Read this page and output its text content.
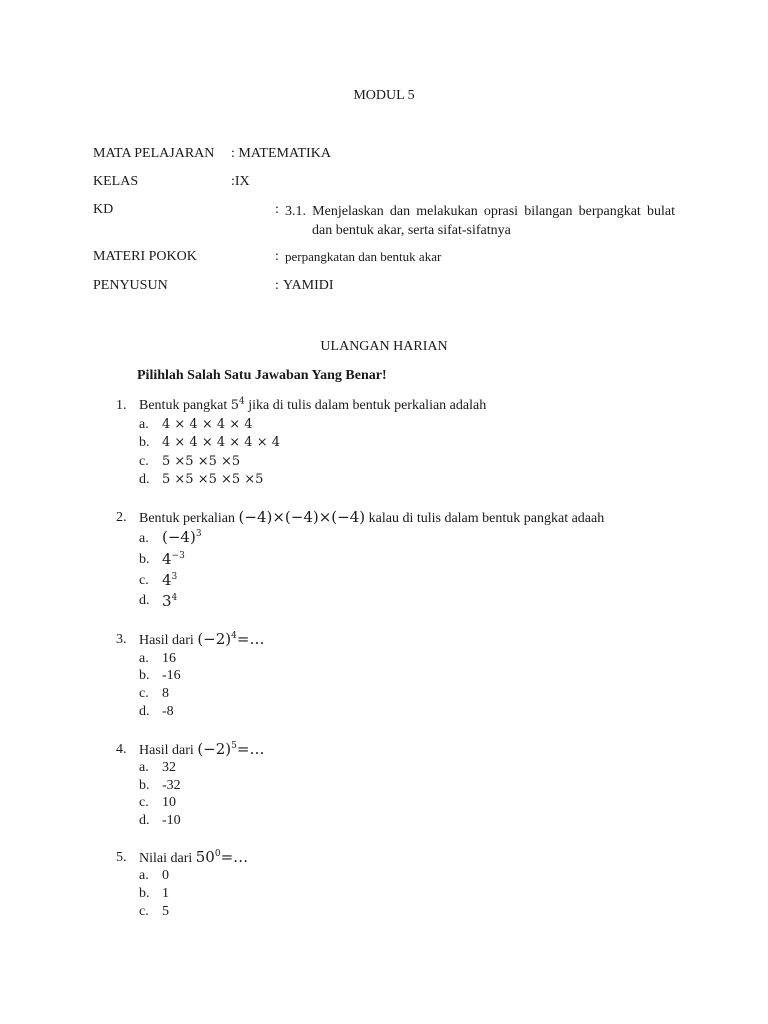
MODUL 5
MATA PELAJARAN : MATEMATIKA
KELAS	:IX
KD	: 3.1. Menjelaskan dan melakukan oprasi bilangan berpangkat bulat
dan bentuk akar, serta sifat-sifatnya
MATERI POKOK	: perpangkatan dan bentuk akar
PENYUSUN	: YAMIDI
ULANGAN HARIAN
Pilihlah Salah Satu Jawaban Yang Benar!
1. Bentuk pangkat $5^4$ jika di tulis dalam bentuk perkalian adalah
a. 4 × 4 × 4 × 4
b. 4 × 4 × 4 × 4 × 4
c. 5 ×5 ×5 ×5
d. 5 ×5 ×5 ×5 ×5
2. Bentuk perkalian (−4)×(−4)×(−4) kalau di tulis dalam bentuk pangkat adaah
a. $(-4)^3$
b. $4^{-3}$
c. $4^3$
d. $3^4$
3. Hasil dari $(-2)^4=\dots$
a. 16
b. -16
c. 8
d. -8
4. Hasil dari $(-2)^5=\dots$
a. 32
b. -32
c. 10
d. -10
5. Nilai dari $50^0=\dots$
a. 0
b. 1
c. 5
